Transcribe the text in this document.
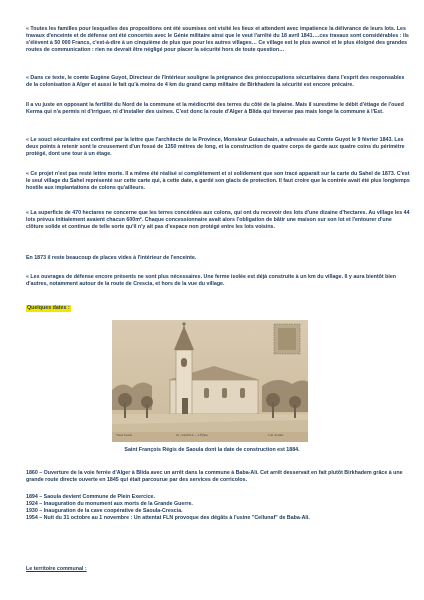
« Toutes les familles pour lesquelles des propositions ont été soumises ont visité les lieux et attendent avec impatience la délivrance de leurs lots. Les travaux d'enceinte et de défense ont été concertés avec le Génie militaire ainsi que le veut l'arrêté du 18 avril 1841….ces travaux sont considérables : ils s'élèvent à 50 000 Francs, c'est-à-dire à un cinquième de plus que pour les autres villages… Ce village est le plus avancé et le plus éloigné des grandes routes de communication : rien ne devrait être négligé pour placer la sécurité hors de toute question…

« Dans ce texte, le comte Eugène Guyot, Directeur de l'Intérieur souligne la prégnance des préoccupations sécuritaires dans l'esprit des responsables de la colonisation à Alger et aussi le fait qu'à moins de 4 km du grand camp militaire de Birkhadem la sécurité est encore précaire.

Il a vu juste en opposant la fertilité du Nord de la commune et la médiocrité des terres du côté de la plaine. Mais il surestime le débit d'étiage de l'oued Kerma qui n'a permis ni d'irriguer, ni d'installer des usines. C'est donc la route d'Alger à Blida qui traverse pas mais longe la commune à l'Est.

« Le souci sécuritaire est confirmé par la lettre que l'architecte de la Province, Monsieur Guiauchain, a adressée au Comte Guyot le 9 février 1843. Les deux points à retenir sont le creusement d'un fossé de 1350 mètres de long, et la construction de quatre corps de garde aux quatre coins du périmètre protégé, dont une tour à un étage.

« Ce projet n'est pas resté lettre morte. Il a même été réalisé si complètement et si solidement que son tracé apparait sur la carte du Sahel de 1873. C'est le seul village du Sahel représenté sur cette carte qui, à cette date, a gardé son glacis de protection. Il faut croire que la contrée avait été plus longtemps hostile aux implantations de colons qu'ailleurs.

« La superficie de 470 hectares ne concerne que les terres concédées aux colons, qui ont du recevoir des lots d'une dizaine d'hectares. Au village les 44 lots prévus initialement avaient chacun 600m². Chaque concessionnaire avait alors l'obligation de bâtir une maison sur son lot et l'entourer d'une clôture solide et continue de telle sorte qu'il n'y ait pas d'espace non protégé entre les lots voisins.

En 1873 il reste beaucoup de places vides à l'intérieur de l'enceinte.

« Les ouvrages de défense encore présents ne sont plus nécessaires. Une ferme isolée est déjà construite à un km du village. Il y aura bientôt bien d'autres, notamment autour de la route de Crescia, et hors de la vue du village.

Quelques dates :
Vieux Saoula	16 - SAOULA — L'Église	Coll. Postale
Saint François Régis de Saoula dont la date de construction est 1884.
1860 – Ouverture de la voie ferrée d'Alger à Blida avec un arrêt dans la commune à Baba-Ali. Cet arrêt desservait en fait plutôt Birkhadem grâce à une grande route directe ouverte en 1845 qui était parcourue par des services de corricolos.
1894 – Saoula devient Commune de Plein Exercice.
1924 – Inauguration du monument aux morts de la Grande Guerre.
1930 – Inauguration de la cave coopérative de Saoula-Crescia.
1954 – Nuit du 31 octobre au 1 novembre : Un attentat FLN provoque des dégâts à l'usine "Cellunaf" de Baba-Ali.
Le territoire communal :
